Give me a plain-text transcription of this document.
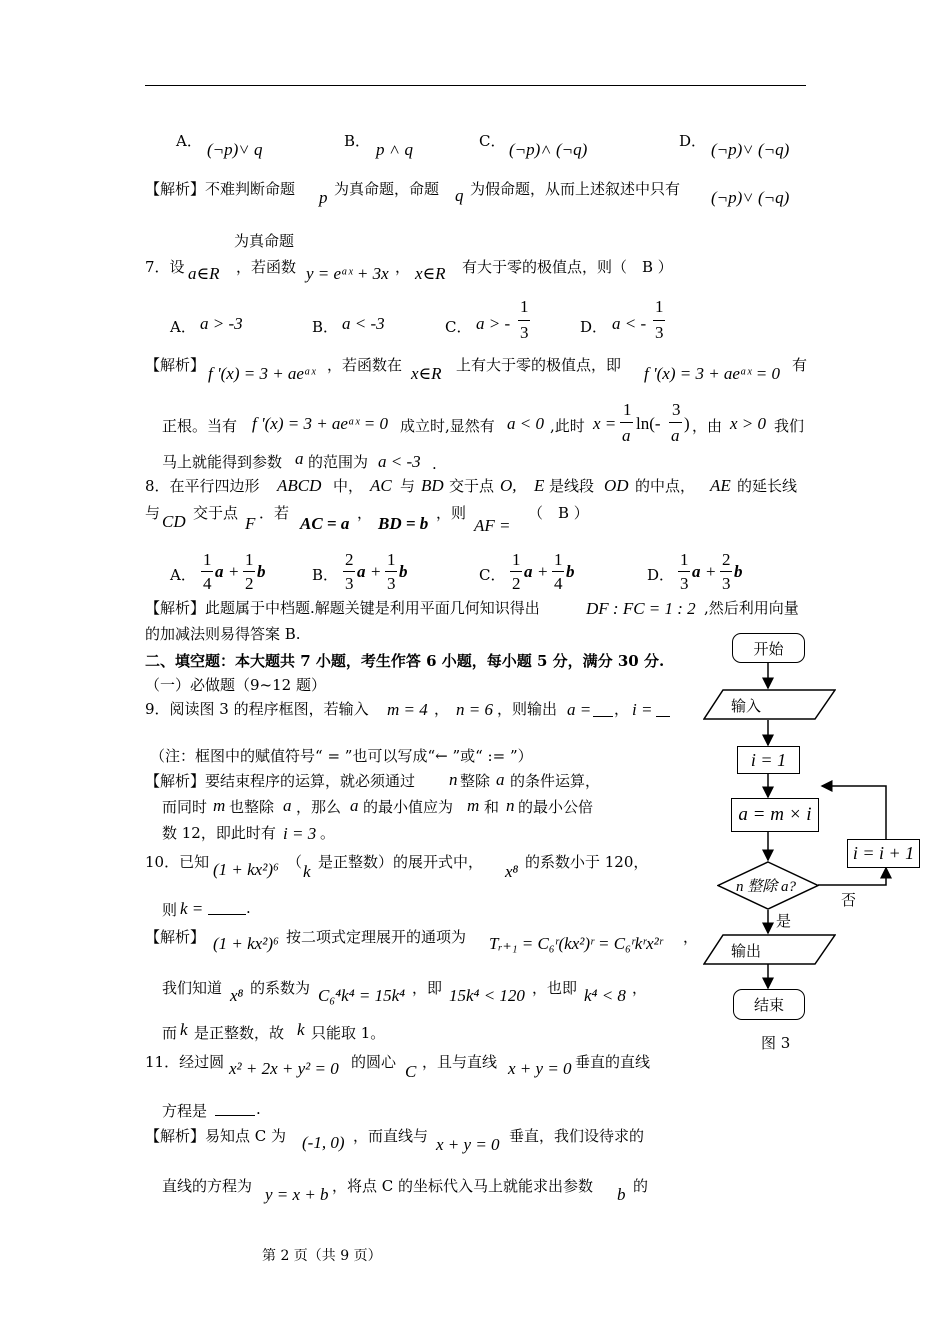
A． (¬p)˅ q	B． p ˄ q	C． (¬p)˄ (¬q)	D． (¬p)˅ (¬q)
【解析】不难判断命题 p 为真命题，命题 q 为假命题，从而上述叙述中只有 (¬p)˅ (¬q)
为真命题
7．设 a∈R ，若函数 y = eᵃˣ + 3x ， x∈R 有大于零的极值点，则（　B ）
A． a > -3	B． a < -3	C． a > -
1
3	D． a < -
1
3
【解析】 f '(x) = 3 + aeᵃˣ ，若函数在 x∈R 上有大于零的极值点，即 f '(x) = 3 + aeᵃˣ = 0 有
正根。当有 f '(x) = 3 + aeᵃˣ = 0 成立时,显然有 a < 0 ,此时 x =
1
a
ln(-
3
a
) ，由 x > 0 我们
马上就能得到参数 a 的范围为 a < -3 .
8．在平行四边形 ABCD 中， AC 与 BD 交于点 O, E 是线段 OD 的中点， AE 的延长线
与 CD 交于点
F
．若
AC = a
，
BD = b
，则
AF =
（　B ）
A．
1
4
a +
1
2
b	B．
2
3
a +
1
3
b	C．
1
2
a +
1
4
b	D．
1
3
a +
2
3
b
【解析】此题属于中档题.解题关键是利用平面几何知识得出	DF : FC = 1 : 2 ,然后利用向量
的加减法则易得答案 B.
二、填空题：本大题共 7 小题，考生作答 6 小题，每小题 5 分，满分 30 分.
（一）必做题（9~12 题）
9．阅读图 3 的程序框图，若输入 m = 4 ， n = 6 ，则输出 a = ， i =
（注：框图中的赋值符号“ = ”也可以写成“← ”或“ := ”）
【解析】要结束程序的运算，就必须通过 n 整除 a 的条件运算，
而同时 m 也整除 a ，那么 a 的最小值应为 m 和 n 的最小公倍
数 12，即此时有 i = 3 。
10．已知 (1 + kx²)⁶ （ k 是正整数）的展开式中， x⁸ 的系数小于 120，
则 k =	.
【解析】 (1 + kx²)⁶ 按二项式定理展开的通项为 Tᵣ₊₁ = C₆ʳ(kx²)ʳ = C₆ʳkʳx²ʳ ，
我们知道 x⁸ 的系数为 C₆⁴k⁴ = 15k⁴ ，即 15k⁴ < 120 ，也即 k⁴ < 8 ，
而 k 是正整数，故 k 只能取 1。
11．经过圆 x² + 2x + y² = 0 的圆心 C ，且与直线 x + y = 0 垂直的直线
方程是	.
【解析】易知点 C 为 (-1, 0) ，而直线与 x + y = 0 垂直，我们设待求的
直线的方程为 y = x + b ，将点 C 的坐标代入马上就能求出参数 b 的
开始
输入
i = 1
a = m × i
n 整除 a?
i = i + 1
否
是
输出
结束
图 3
第 2 页（共 9 页）
